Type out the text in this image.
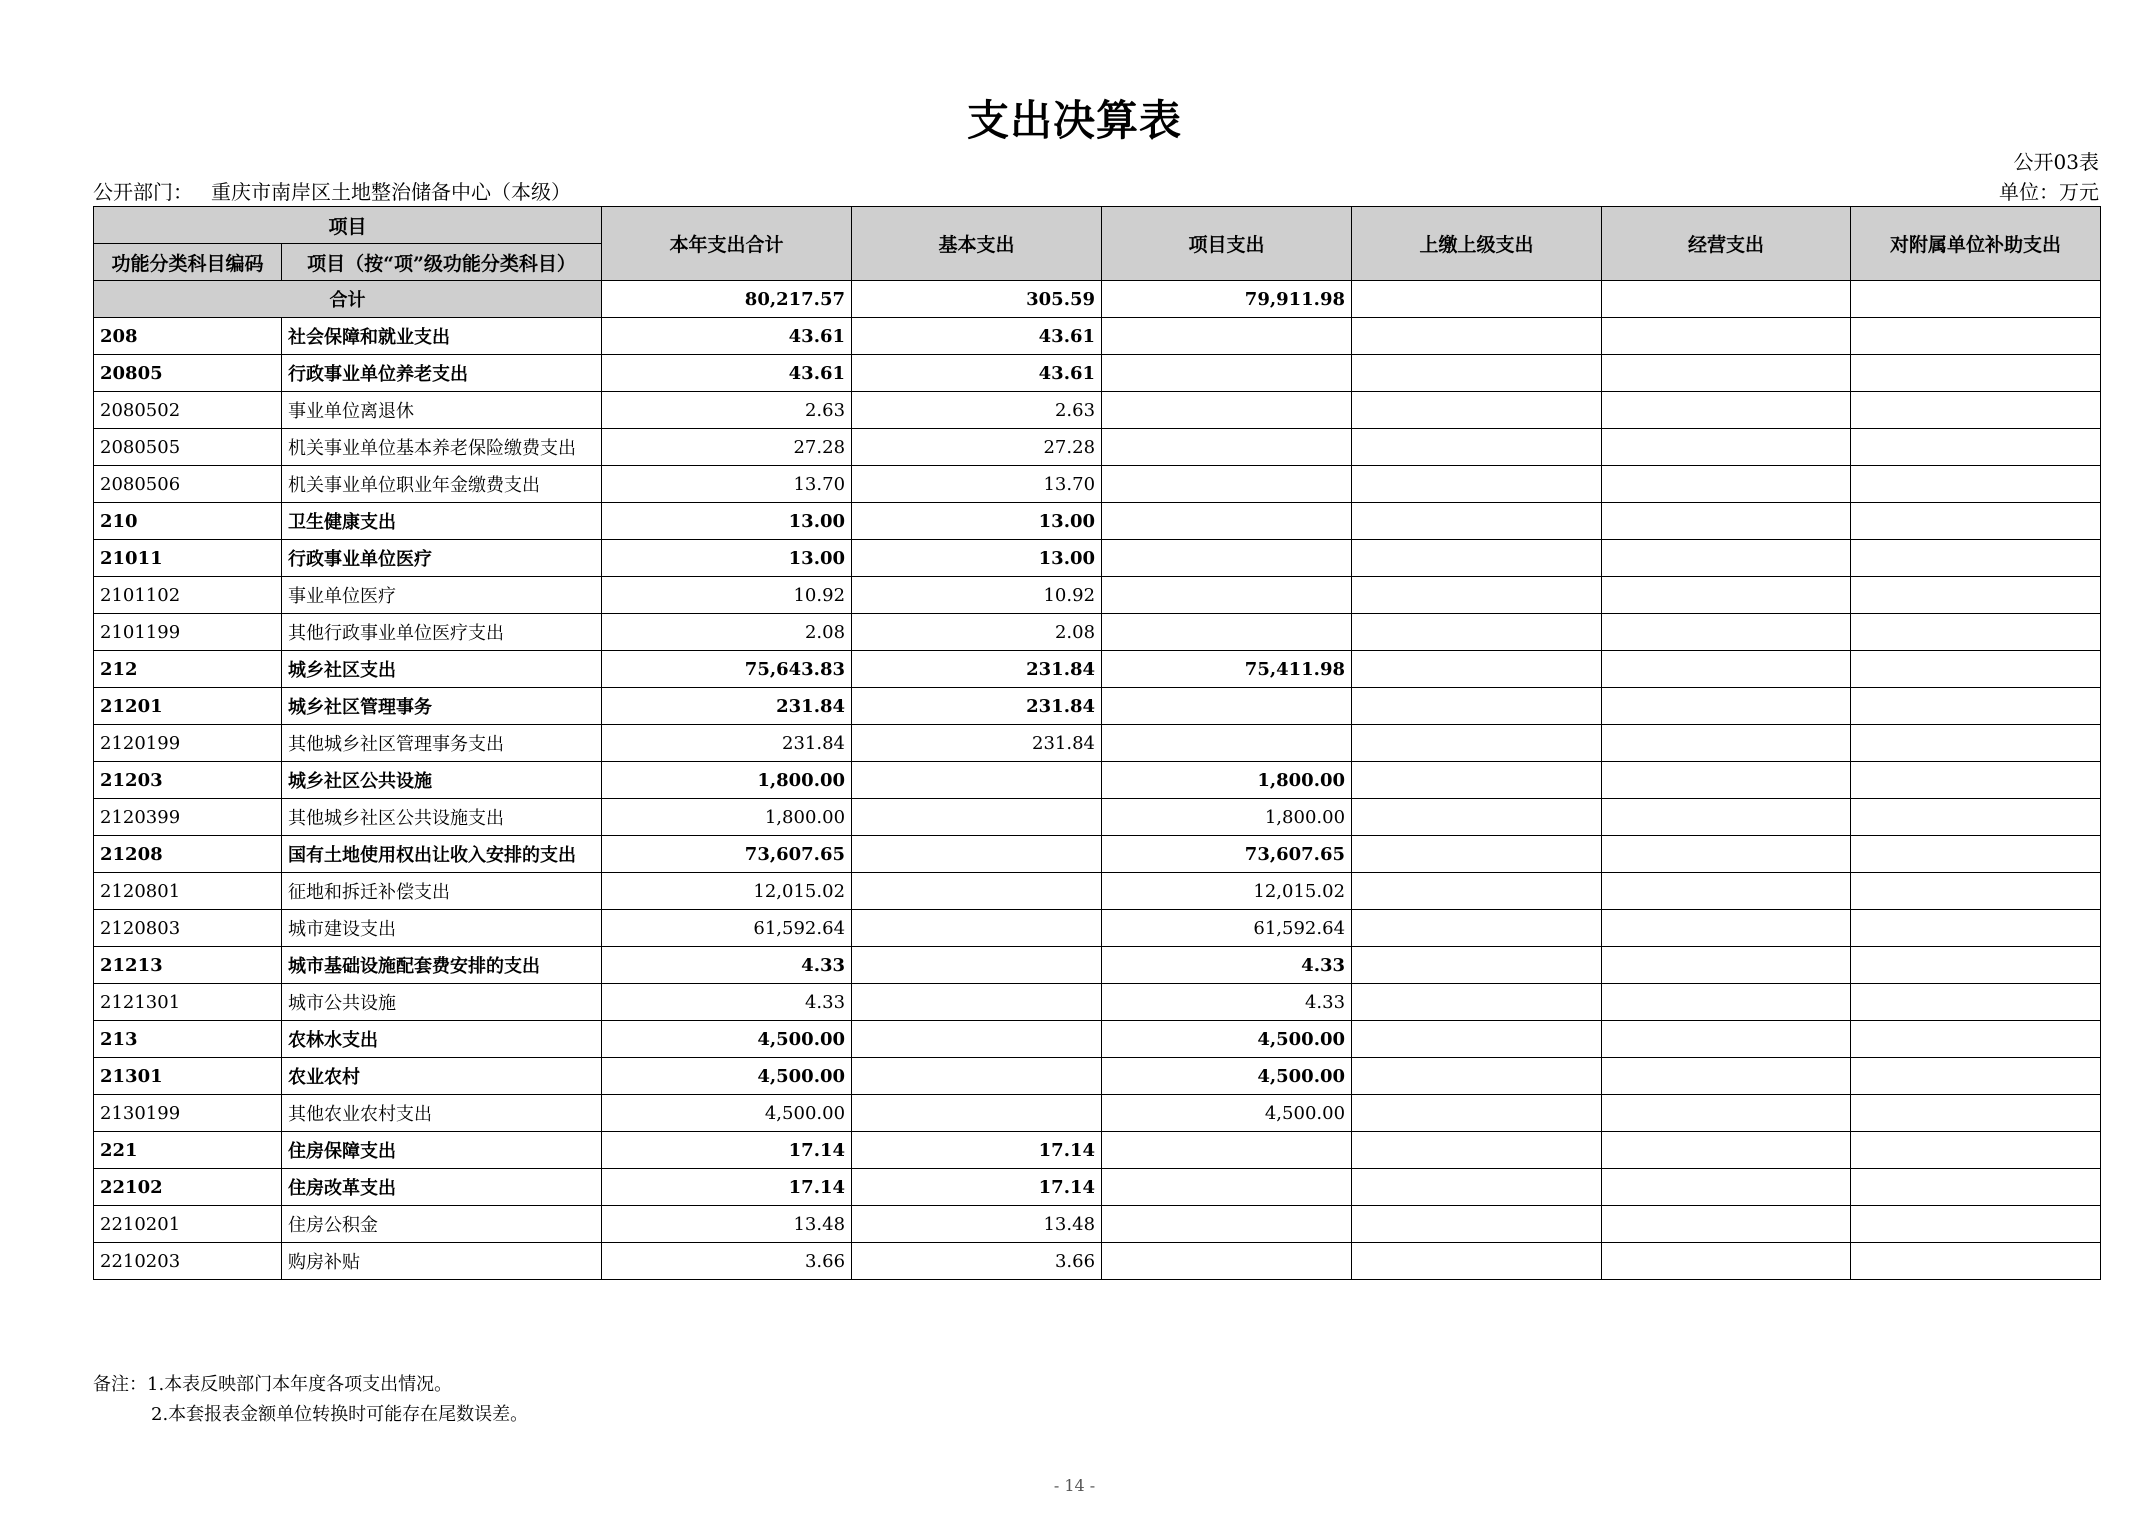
支出决算表
公开03表
公开部门： 重庆市南岸区土地整治储备中心（本级）	单位：万元
项目		本年支出合计	基本支出	项目支出	上缴上级支出	经营支出	对附属单位补助支出
功能分类科目编码	项目（按“项”级功能分类科目）						
合计		80,217.57	305.59	79,911.98			
208	社会保障和就业支出	43.61	43.61				
20805	行政事业单位养老支出	43.61	43.61				
2080502	事业单位离退休	2.63	2.63				
2080505	机关事业单位基本养老保险缴费支出	27.28	27.28				
2080506	机关事业单位职业年金缴费支出	13.70	13.70				
210	卫生健康支出	13.00	13.00				
21011	行政事业单位医疗	13.00	13.00				
2101102	事业单位医疗	10.92	10.92				
2101199	其他行政事业单位医疗支出	2.08	2.08				
212	城乡社区支出	75,643.83	231.84	75,411.98			
21201	城乡社区管理事务	231.84	231.84				
2120199	其他城乡社区管理事务支出	231.84	231.84				
21203	城乡社区公共设施	1,800.00		1,800.00			
2120399	其他城乡社区公共设施支出	1,800.00		1,800.00			
21208	国有土地使用权出让收入安排的支出	73,607.65		73,607.65			
2120801	征地和拆迁补偿支出	12,015.02		12,015.02			
2120803	城市建设支出	61,592.64		61,592.64			
21213	城市基础设施配套费安排的支出	4.33		4.33			
2121301	城市公共设施	4.33		4.33			
213	农林水支出	4,500.00		4,500.00			
21301	农业农村	4,500.00		4,500.00			
2130199	其他农业农村支出	4,500.00		4,500.00			
221	住房保障支出	17.14	17.14				
22102	住房改革支出	17.14	17.14				
2210201	住房公积金	13.48	13.48				
2210203	购房补贴	3.66	3.66				
备注：1.本表反映部门本年度各项支出情况。
2.本套报表金额单位转换时可能存在尾数误差。
- 14 -
